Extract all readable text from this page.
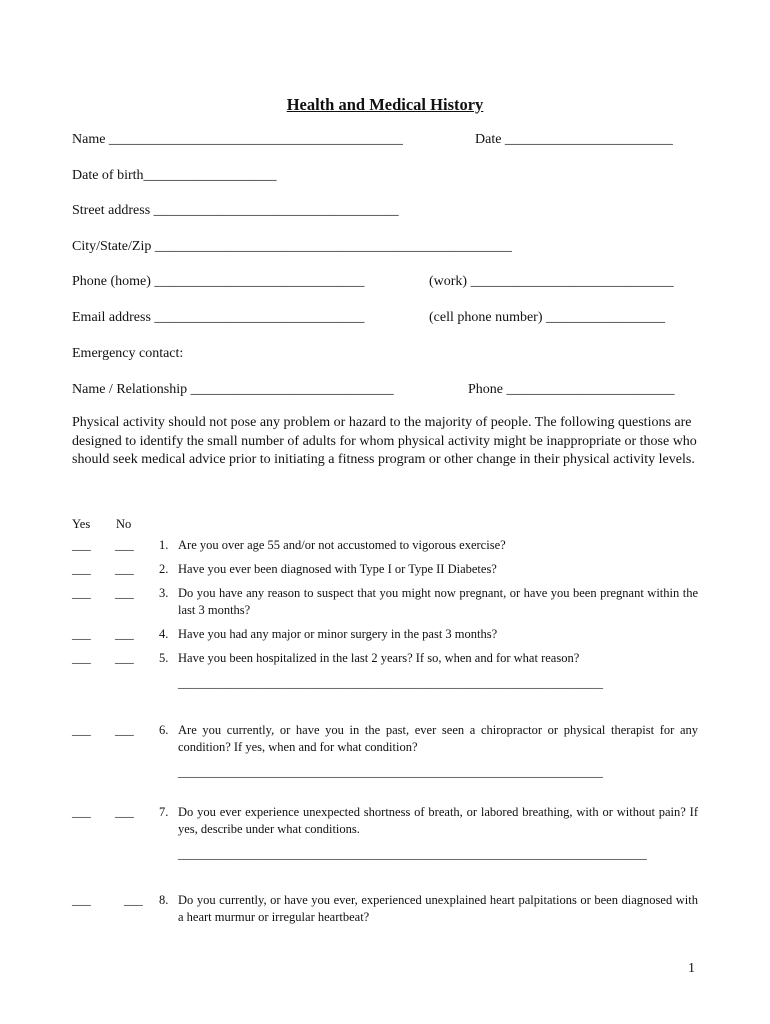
Health and Medical History
Name __________________________________________	Date ________________________
Date of birth___________________
Street address ___________________________________
City/State/Zip ___________________________________________________
Phone (home) ______________________________	(work) _____________________________
Email address ______________________________	(cell phone number) _________________
Emergency contact:
Name / Relationship _____________________________	Phone ________________________
Physical activity should not pose any problem or hazard to the majority of people. The following questions are designed to identify the small number of adults for whom physical activity might be inappropriate or those who should seek medical advice prior to initiating a fitness program or other change in their physical activity levels.
Yes No
___ ___ 1. Are you over age 55 and/or not accustomed to vigorous exercise?
___ ___ 2. Have you ever been diagnosed with Type I or Type II Diabetes?
___ ___ 3. Do you have any reason to suspect that you might now pregnant, or have you been pregnant within the last 3 months?
___ ___ 4. Have you had any major or minor surgery in the past 3 months?
___ ___ 5. Have you been hospitalized in the last 2 years? If so, when and for what reason?
____________________________________________________________________
___ ___ 6. Are you currently, or have you in the past, ever seen a chiropractor or physical therapist for any condition? If yes, when and for what condition?
____________________________________________________________________
___ ___ 7. Do you ever experience unexpected shortness of breath, or labored breathing, with or without pain? If yes, describe under what conditions.
___________________________________________________________________________
___	___ 8. Do you currently, or have you ever, experienced unexplained heart palpitations or been diagnosed with a heart murmur or irregular heartbeat?
1
